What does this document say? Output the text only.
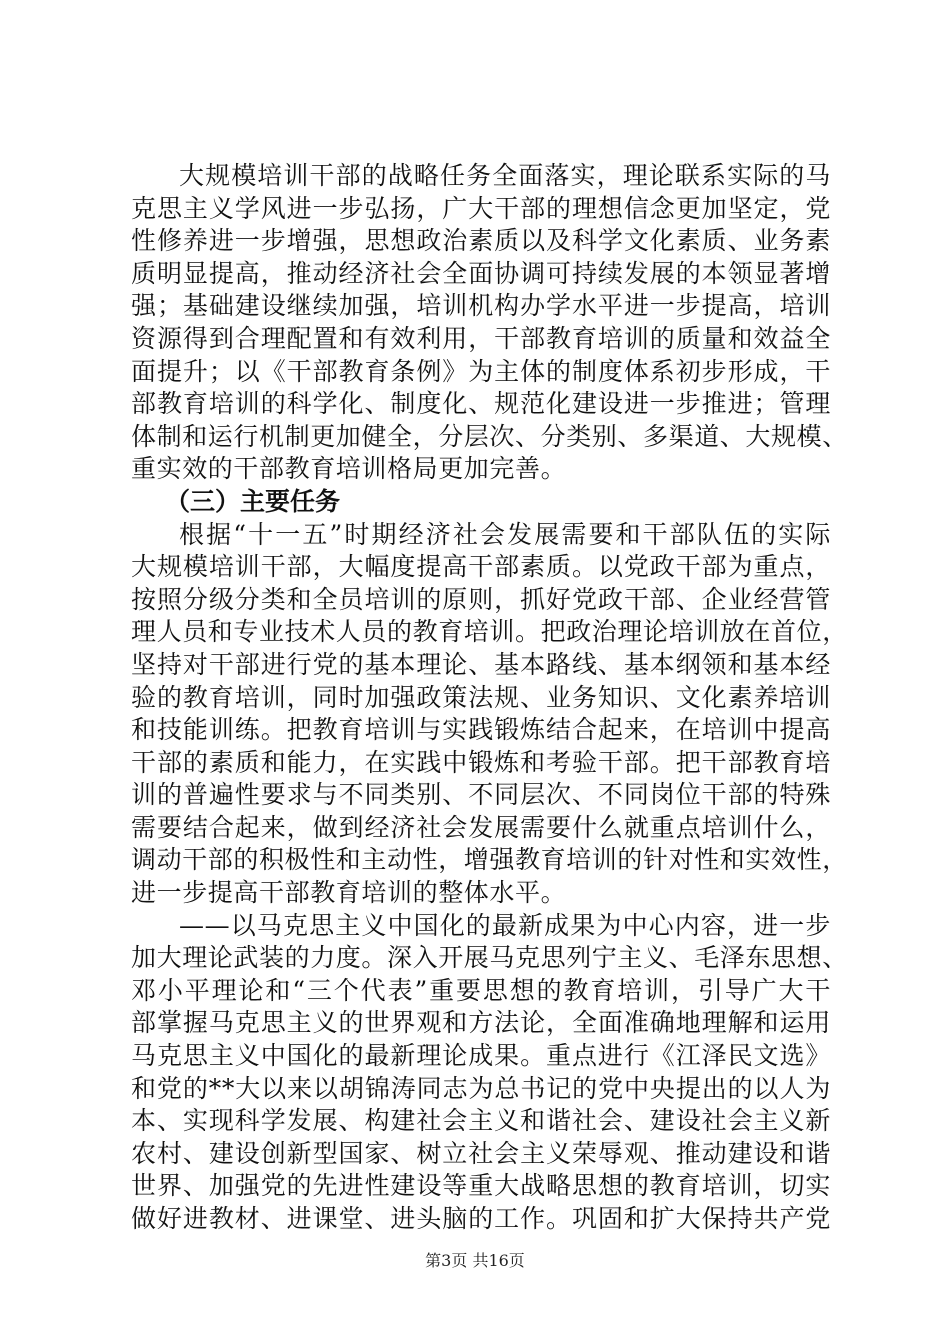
大规模培训干部的战略任务全面落实，理论联系实际的马
克思主义学风进一步弘扬，广大干部的理想信念更加坚定，党
性修养进一步增强，思想政治素质以及科学文化素质、业务素
质明显提高，推动经济社会全面协调可持续发展的本领显著增
强；基础建设继续加强，培训机构办学水平进一步提高，培训
资源得到合理配置和有效利用，干部教育培训的质量和效益全
面提升；以《干部教育条例》为主体的制度体系初步形成，干
部教育培训的科学化、制度化、规范化建设进一步推进；管理
体制和运行机制更加健全，分层次、分类别、多渠道、大规模、
重实效的干部教育培训格局更加完善。
（三）主要任务
根据“十一五”时期经济社会发展需要和干部队伍的实际
大规模培训干部，大幅度提高干部素质。以党政干部为重点，
按照分级分类和全员培训的原则，抓好党政干部、企业经营管
理人员和专业技术人员的教育培训。把政治理论培训放在首位，
坚持对干部进行党的基本理论、基本路线、基本纲领和基本经
验的教育培训，同时加强政策法规、业务知识、文化素养培训
和技能训练。把教育培训与实践锻炼结合起来，在培训中提高
干部的素质和能力，在实践中锻炼和考验干部。把干部教育培
训的普遍性要求与不同类别、不同层次、不同岗位干部的特殊
需要结合起来，做到经济社会发展需要什么就重点培训什么，
调动干部的积极性和主动性，增强教育培训的针对性和实效性，
进一步提高干部教育培训的整体水平。
——以马克思主义中国化的最新成果为中心内容，进一步
加大理论武装的力度。深入开展马克思列宁主义、毛泽东思想、
邓小平理论和“三个代表”重要思想的教育培训，引导广大干
部掌握马克思主义的世界观和方法论，全面准确地理解和运用
马克思主义中国化的最新理论成果。重点进行《江泽民文选》
和党的**大以来以胡锦涛同志为总书记的党中央提出的以人为
本、实现科学发展、构建社会主义和谐社会、建设社会主义新
农村、建设创新型国家、树立社会主义荣辱观、推动建设和谐
世界、加强党的先进性建设等重大战略思想的教育培训，切实
做好进教材、进课堂、进头脑的工作。巩固和扩大保持共产党
第3页 共16页
